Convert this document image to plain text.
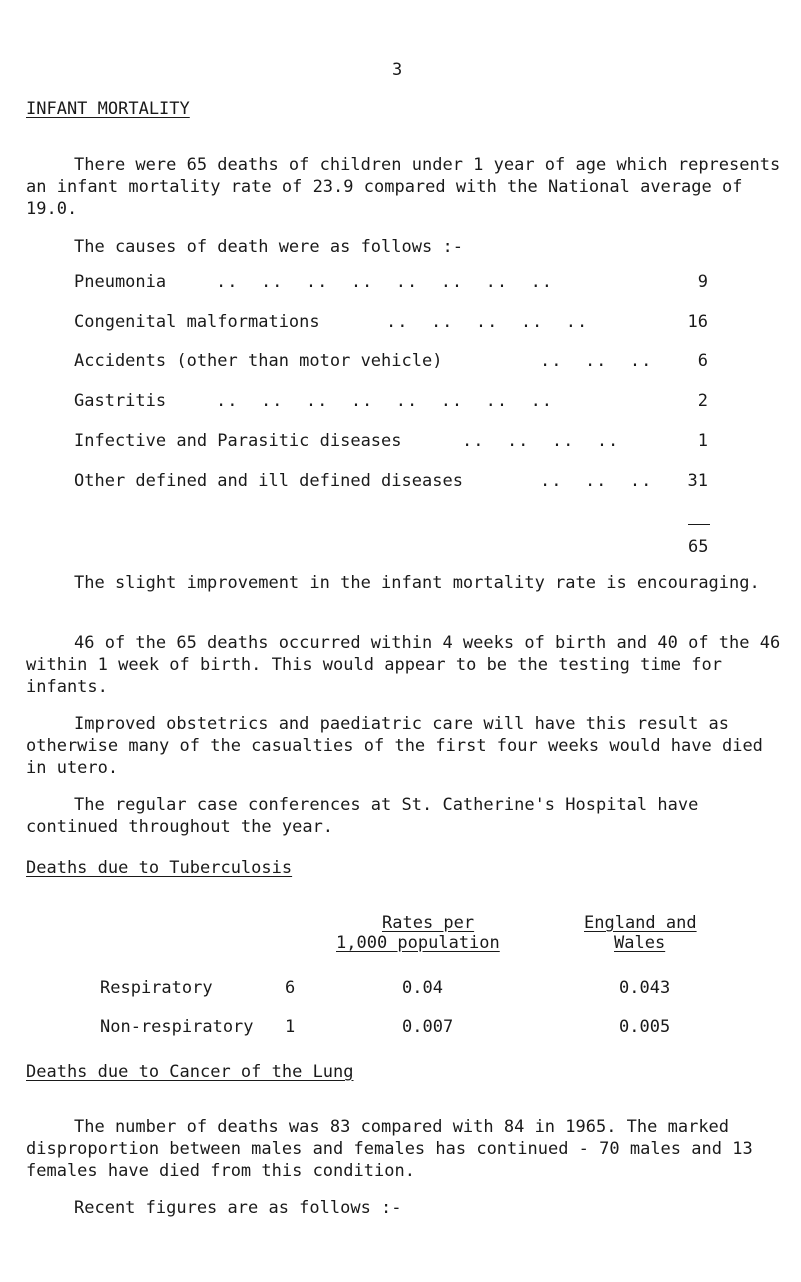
3
INFANT MORTALITY
There were 65 deaths of children under 1 year of age which represents an infant mortality rate of 23.9 compared with the National average of 19.0.
The causes of death were as follows :-
Pneumonia	..  ..  ..  ..  ..  ..  ..  ..	9
Congenital malformations	..  ..  ..  ..  ..	16
Accidents (other than motor vehicle)	..  ..  ..	6
Gastritis	..  ..  ..  ..  ..  ..  ..  ..	2
Infective and Parasitic diseases	..  ..  ..  ..	1
Other defined and ill defined diseases	..  ..  ..	31
65
The slight improvement in the infant mortality rate is encouraging.
46 of the 65 deaths occurred within 4 weeks of birth and 40 of the 46 within 1 week of birth. This would appear to be the testing time for infants.
Improved obstetrics and paediatric care will have this result as otherwise many of the casualties of the first four weeks would have died in utero.
The regular case conferences at St. Catherine's Hospital have continued throughout the year.
Deaths due to Tuberculosis
Rates per
1,000 population
England and
Wales
Respiratory	6	0.04	0.043
Non-respiratory 1	0.007	0.005
Deaths due to Cancer of the Lung
The number of deaths was 83 compared with 84 in 1965. The marked disproportion between males and females has continued - 70 males and 13 females have died from this condition.
Recent figures are as follows :-
